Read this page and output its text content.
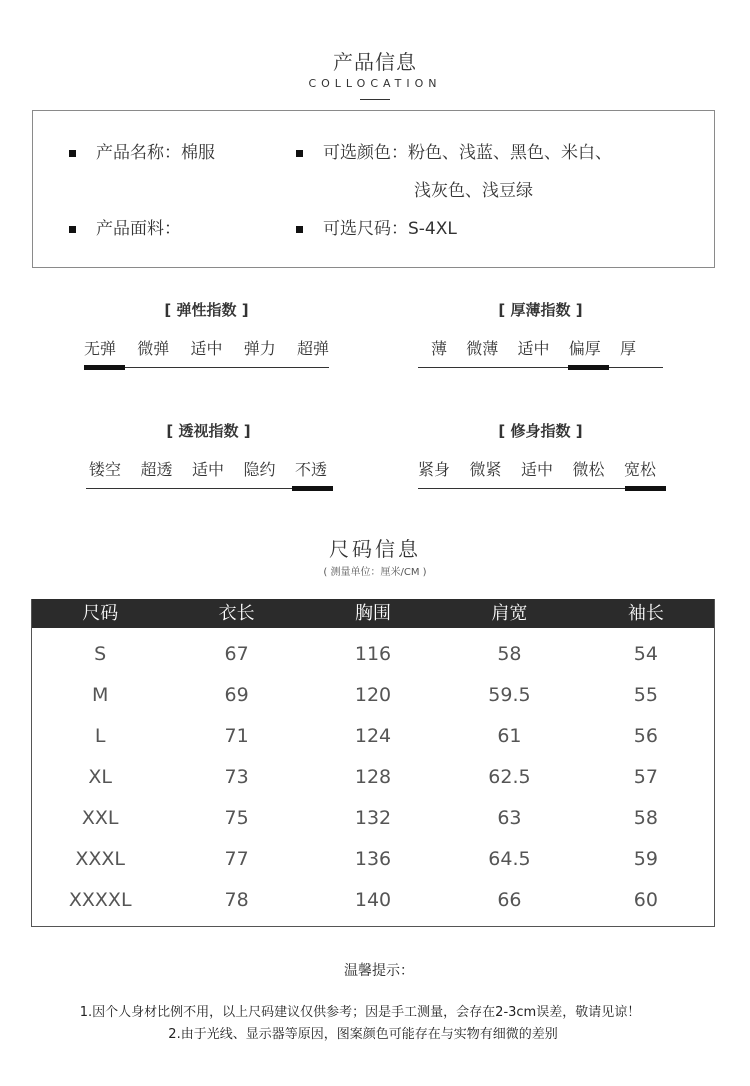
产品信息
COLLOCATION
产品名称：棉服	可选颜色：粉色、浅蓝、黑色、米白、
浅灰色、浅豆绿
产品面料：	可选尺码：S-4XL
[ 弹性指数 ]
无弹 微弹 适中 弹力 超弹
[ 厚薄指数 ]
薄 微薄 适中 偏厚 厚
[ 透视指数 ]
镂空 超透 适中 隐约 不透
[ 修身指数 ]
紧身 微紧 适中 微松 宽松
尺码信息
( 测量单位：厘米/CM )
尺码	衣长	胸围	肩宽	袖长
S	67	116	58	54
M	69	120	59.5	55
L	71	124	61	56
XL	73	128	62.5	57
XXL	75	132	63	58
XXXL	77	136	64.5	59
XXXXL	78	140	66	60
温馨提示：
1.因个人身材比例不用，以上尺码建议仅供参考；因是手工测量，会存在2-3cm误差，敬请见谅！
2.由于光线、显示器等原因，图案颜色可能存在与实物有细微的差别
